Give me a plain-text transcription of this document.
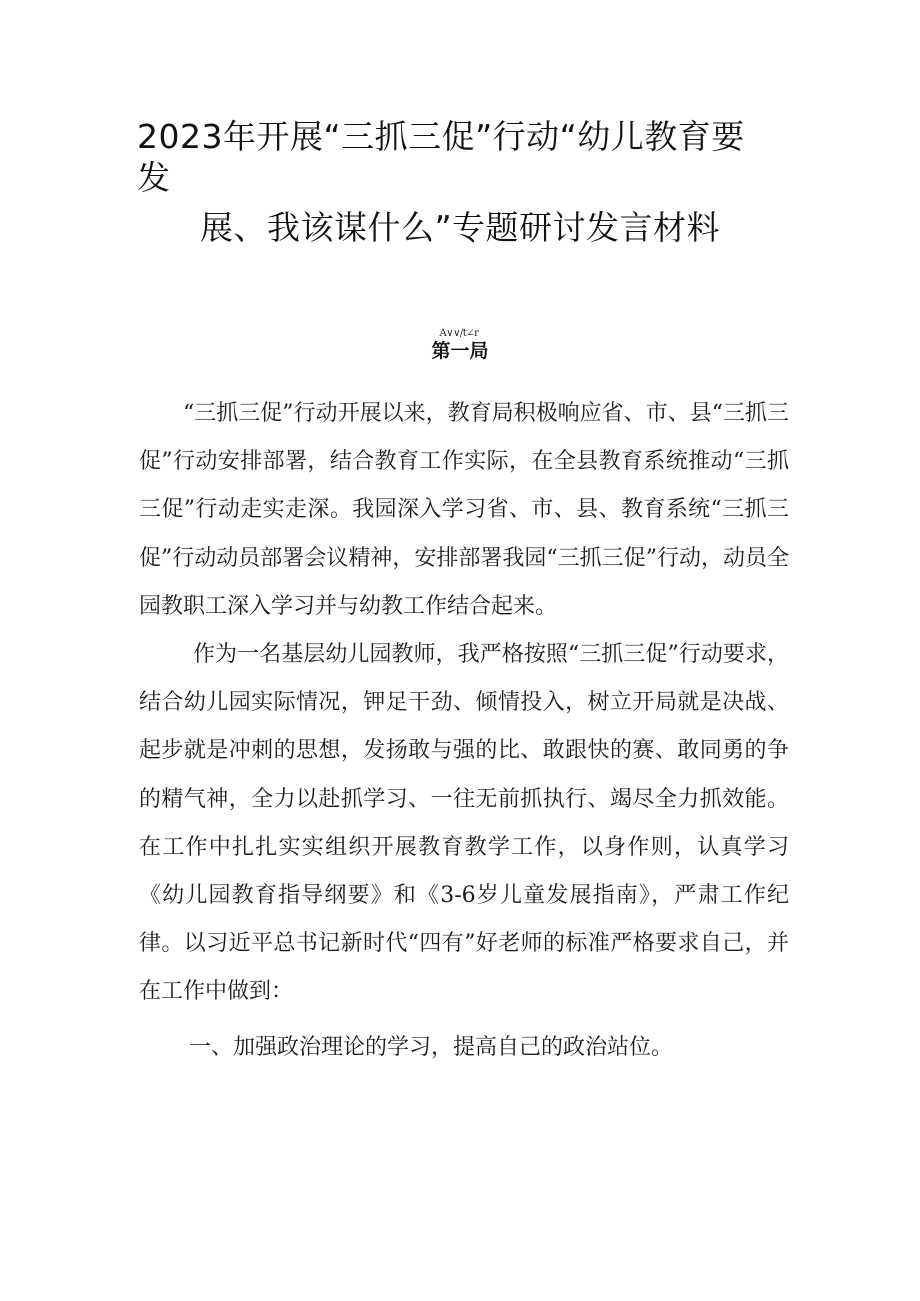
2023年开展“三抓三促”行动“幼儿教育要
发
展、我该谋什么”专题研讨发言材料
A∨∨/t∠r
第一局

“三抓三促”行动开展以来，教育局积极响应省、市、县“三抓三促”行动安排部署，结合教育工作实际，在全县教育系统推动“三抓三促”行动走实走深。我园深入学习省、市、县、教育系统“三抓三促”行动动员部署会议精神，安排部署我园“三抓三促”行动，动员全园教职工深入学习并与幼教工作结合起来。

作为一名基层幼儿园教师，我严格按照“三抓三促”行动要求，结合幼儿园实际情况，钾足干劲、倾情投入，树立开局就是决战、起步就是冲刺的思想，发扬敢与强的比、敢跟快的赛、敢同勇的争的精气神，全力以赴抓学习、一往无前抓执行、竭尽全力抓效能。在工作中扎扎实实组织开展教育教学工作，以身作则，认真学习《幼儿园教育指导纲要》和《3-6岁儿童发展指南》，严肃工作纪律。以习近平总书记新时代“四有”好老师的标准严格要求自己，并在工作中做到：

一、加强政治理论的学习，提高自己的政治站位。
